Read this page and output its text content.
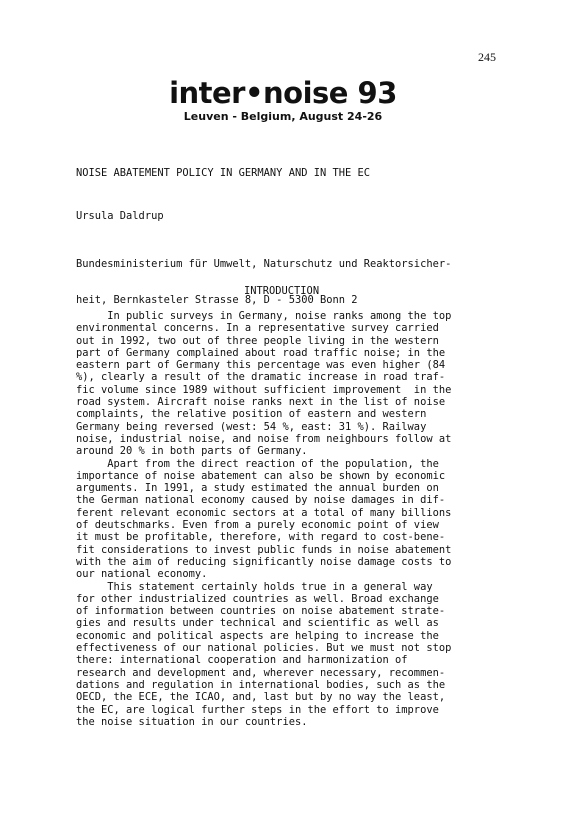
245
inter•noise 93
Leuven - Belgium, August 24-26
NOISE ABATEMENT POLICY IN GERMANY AND IN THE EC
Ursula Daldrup

Bundesministerium für Umwelt, Naturschutz und Reaktorsicher-

heit, Bernkasteler Strasse 8, D - 5300 Bonn 2

INTRODUCTION
In public surveys in Germany, noise ranks among the top
environmental concerns. In a representative survey carried
out in 1992, two out of three people living in the western
part of Germany complained about road traffic noise; in the
eastern part of Germany this percentage was even higher (84
%), clearly a result of the dramatic increase in road traf-
fic volume since 1989 without sufficient improvement  in the
road system. Aircraft noise ranks next in the list of noise
complaints, the relative position of eastern and western
Germany being reversed (west: 54 %, east: 31 %). Railway
noise, industrial noise, and noise from neighbours follow at
around 20 % in both parts of Germany.
Apart from the direct reaction of the population, the
importance of noise abatement can also be shown by economic
arguments. In 1991, a study estimated the annual burden on
the German national economy caused by noise damages in dif-
ferent relevant economic sectors at a total of many billions
of deutschmarks. Even from a purely economic point of view
it must be profitable, therefore, with regard to cost-bene-
fit considerations to invest public funds in noise abatement
with the aim of reducing significantly noise damage costs to
our national economy.
This statement certainly holds true in a general way
for other industrialized countries as well. Broad exchange
of information between countries on noise abatement strate-
gies and results under technical and scientific as well as
economic and political aspects are helping to increase the
effectiveness of our national policies. But we must not stop
there: international cooperation and harmonization of
research and development and, wherever necessary, recommen-
dations and regulation in international bodies, such as the
OECD, the ECE, the ICAO, and, last but by no way the least,
the EC, are logical further steps in the effort to improve
the noise situation in our countries.
